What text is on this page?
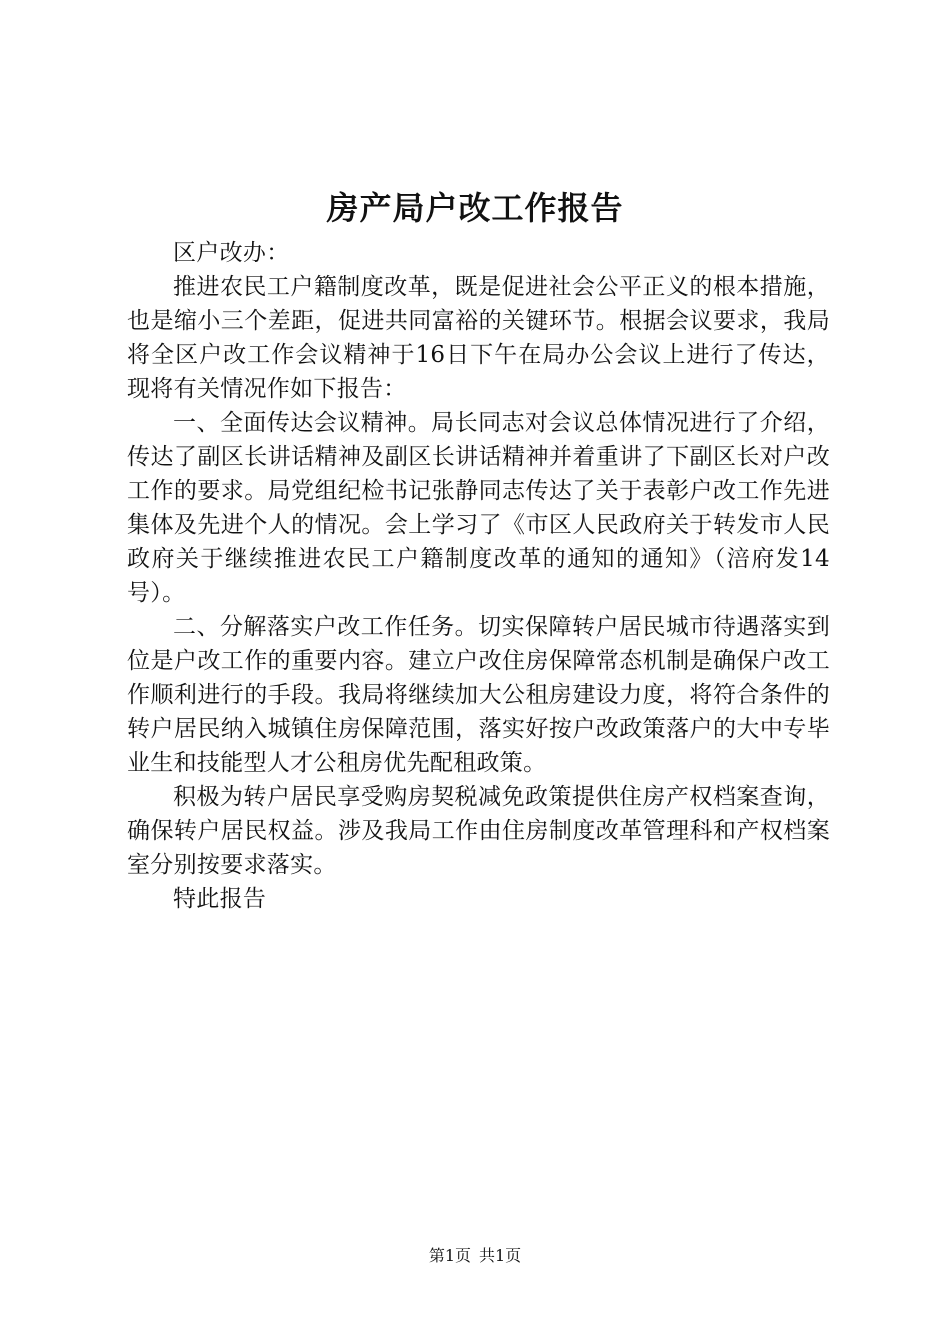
房产局户改工作报告

区户改办：

推进农民工户籍制度改革，既是促进社会公平正义的根本措施，也是缩小三个差距，促进共同富裕的关键环节。根据会议要求，我局将全区户改工作会议精神于16日下午在局办公会议上进行了传达，现将有关情况作如下报告：

一、全面传达会议精神。局长同志对会议总体情况进行了介绍，传达了副区长讲话精神及副区长讲话精神并着重讲了下副区长对户改工作的要求。局党组纪检书记张静同志传达了关于表彰户改工作先进集体及先进个人的情况。会上学习了《市区人民政府关于转发市人民政府关于继续推进农民工户籍制度改革的通知的通知》（涪府发14号）。

二、分解落实户改工作任务。切实保障转户居民城市待遇落实到位是户改工作的重要内容。建立户改住房保障常态机制是确保户改工作顺利进行的手段。我局将继续加大公租房建设力度，将符合条件的转户居民纳入城镇住房保障范围，落实好按户改政策落户的大中专毕业生和技能型人才公租房优先配租政策。

积极为转户居民享受购房契税减免政策提供住房产权档案查询，确保转户居民权益。涉及我局工作由住房制度改革管理科和产权档案室分别按要求落实。

特此报告

第1页 共1页
